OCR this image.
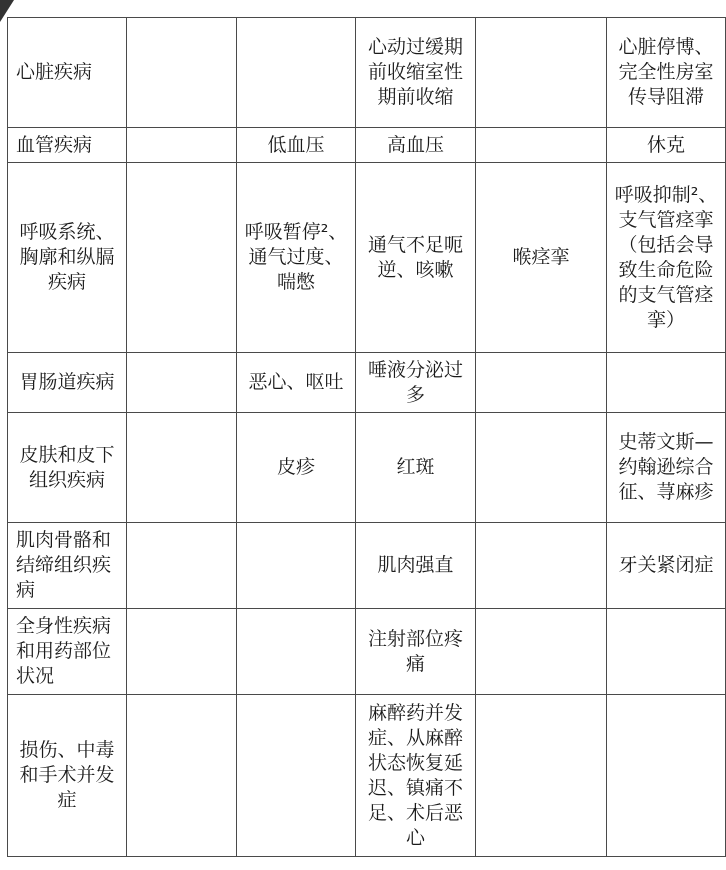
心脏疾病			心动过缓期前收缩室性期前收缩		心脏停博、完全性房室传导阻滞
血管疾病		低血压	高血压		休克
呼吸系统、胸廓和纵膈疾病		呼吸暂停²、通气过度、喘憋	通气不足呃逆、咳嗽	喉痉挛	呼吸抑制²、支气管痉挛（包括会导致生命危险的支气管痉挛）
胃肠道疾病		恶心、呕吐	唾液分泌过多		
皮肤和皮下组织疾病		皮疹	红斑		史蒂文斯—约翰逊综合征、荨麻疹
肌肉骨骼和结缔组织疾病			肌肉强直		牙关紧闭症
全身性疾病和用药部位状况			注射部位疼痛		
损伤、中毒和手术并发症			麻醉药并发症、从麻醉状态恢复延迟、镇痛不足、术后恶心		
